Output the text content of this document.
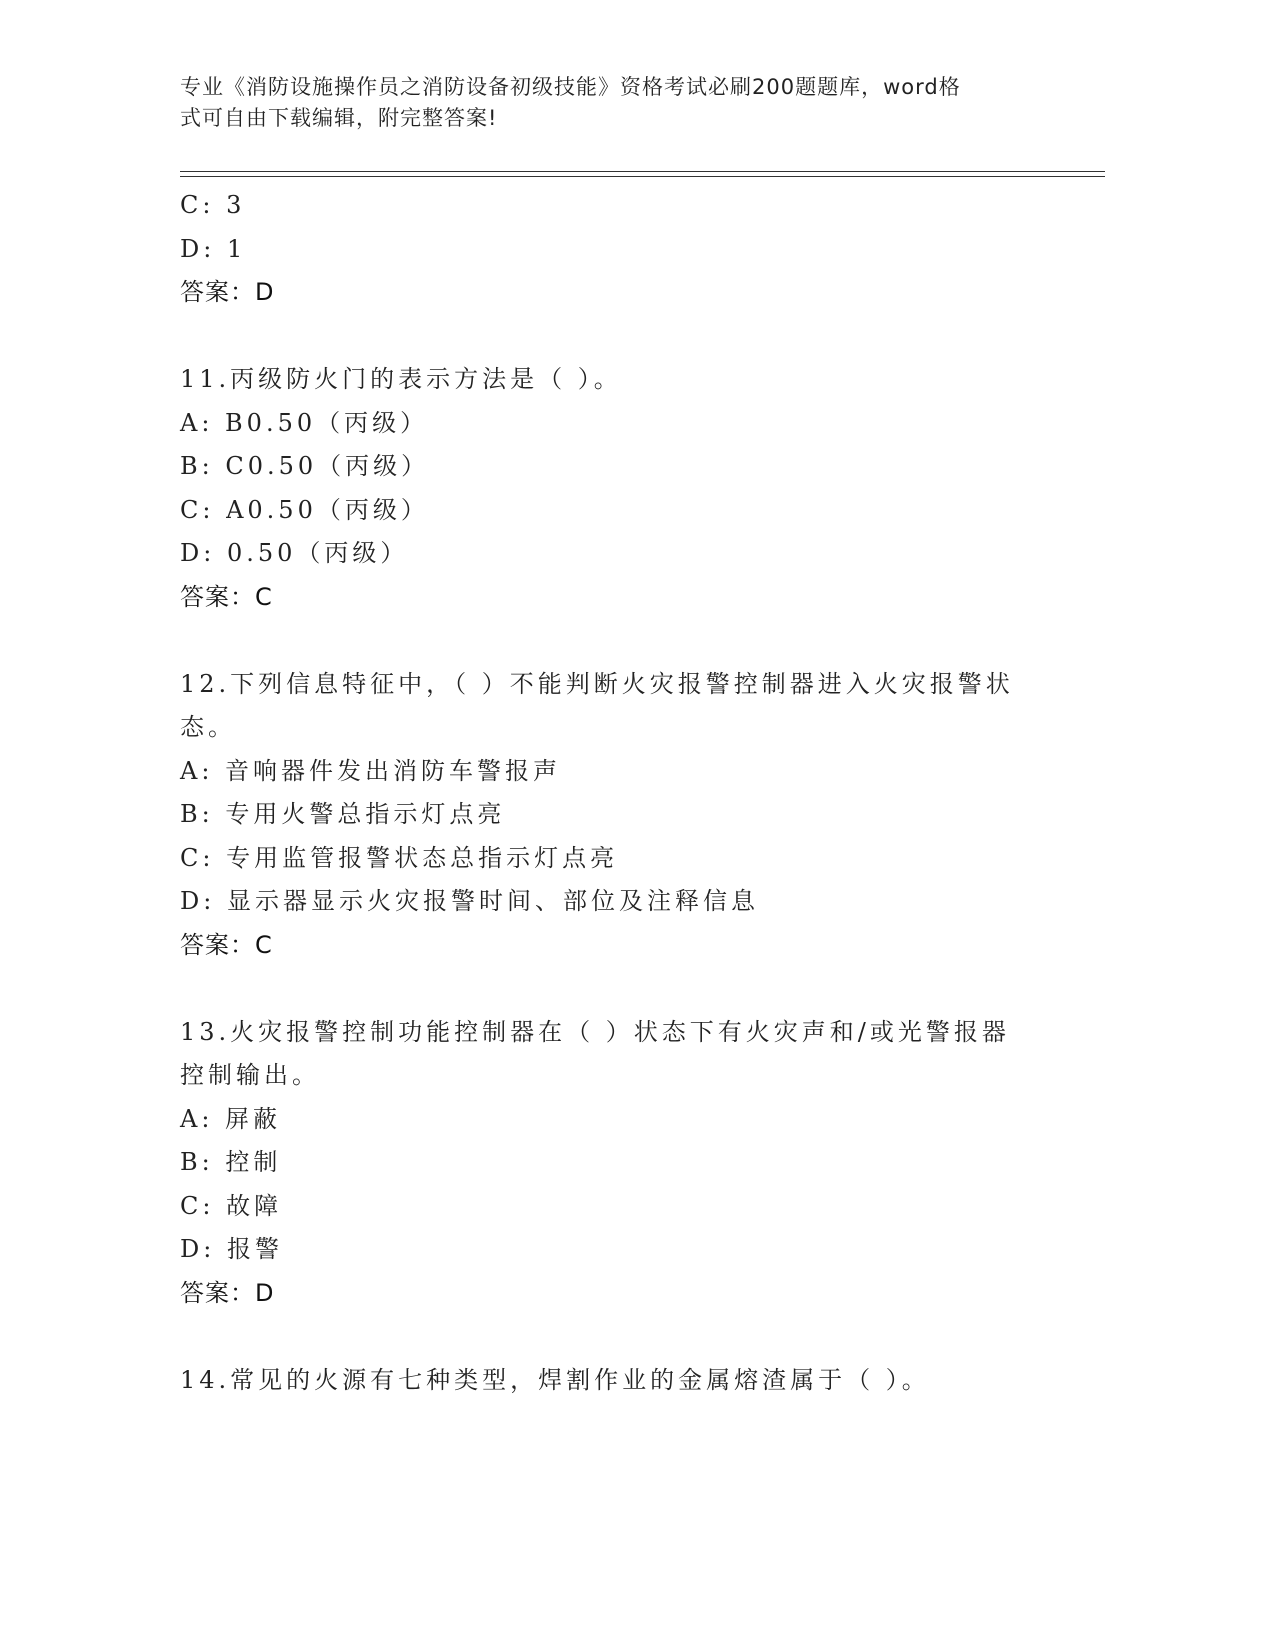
专业《消防设施操作员之消防设备初级技能》资格考试必刷200题题库，word格
式可自由下载编辑，附完整答案!
C: 3
D: 1
答案：D
11.丙级防火门的表示方法是（ ）。
A: B0.50（丙级）
B: C0.50（丙级）
C: A0.50（丙级）
D: 0.50（丙级）
答案：C
12.下列信息特征中，（ ）不能判断火灾报警控制器进入火灾报警状
态。
A: 音响器件发出消防车警报声
B: 专用火警总指示灯点亮
C: 专用监管报警状态总指示灯点亮
D: 显示器显示火灾报警时间、部位及注释信息
答案：C
13.火灾报警控制功能控制器在（ ）状态下有火灾声和/或光警报器
控制输出。
A: 屏蔽
B: 控制
C: 故障
D: 报警
答案：D
14.常见的火源有七种类型，焊割作业的金属熔渣属于（ ）。
